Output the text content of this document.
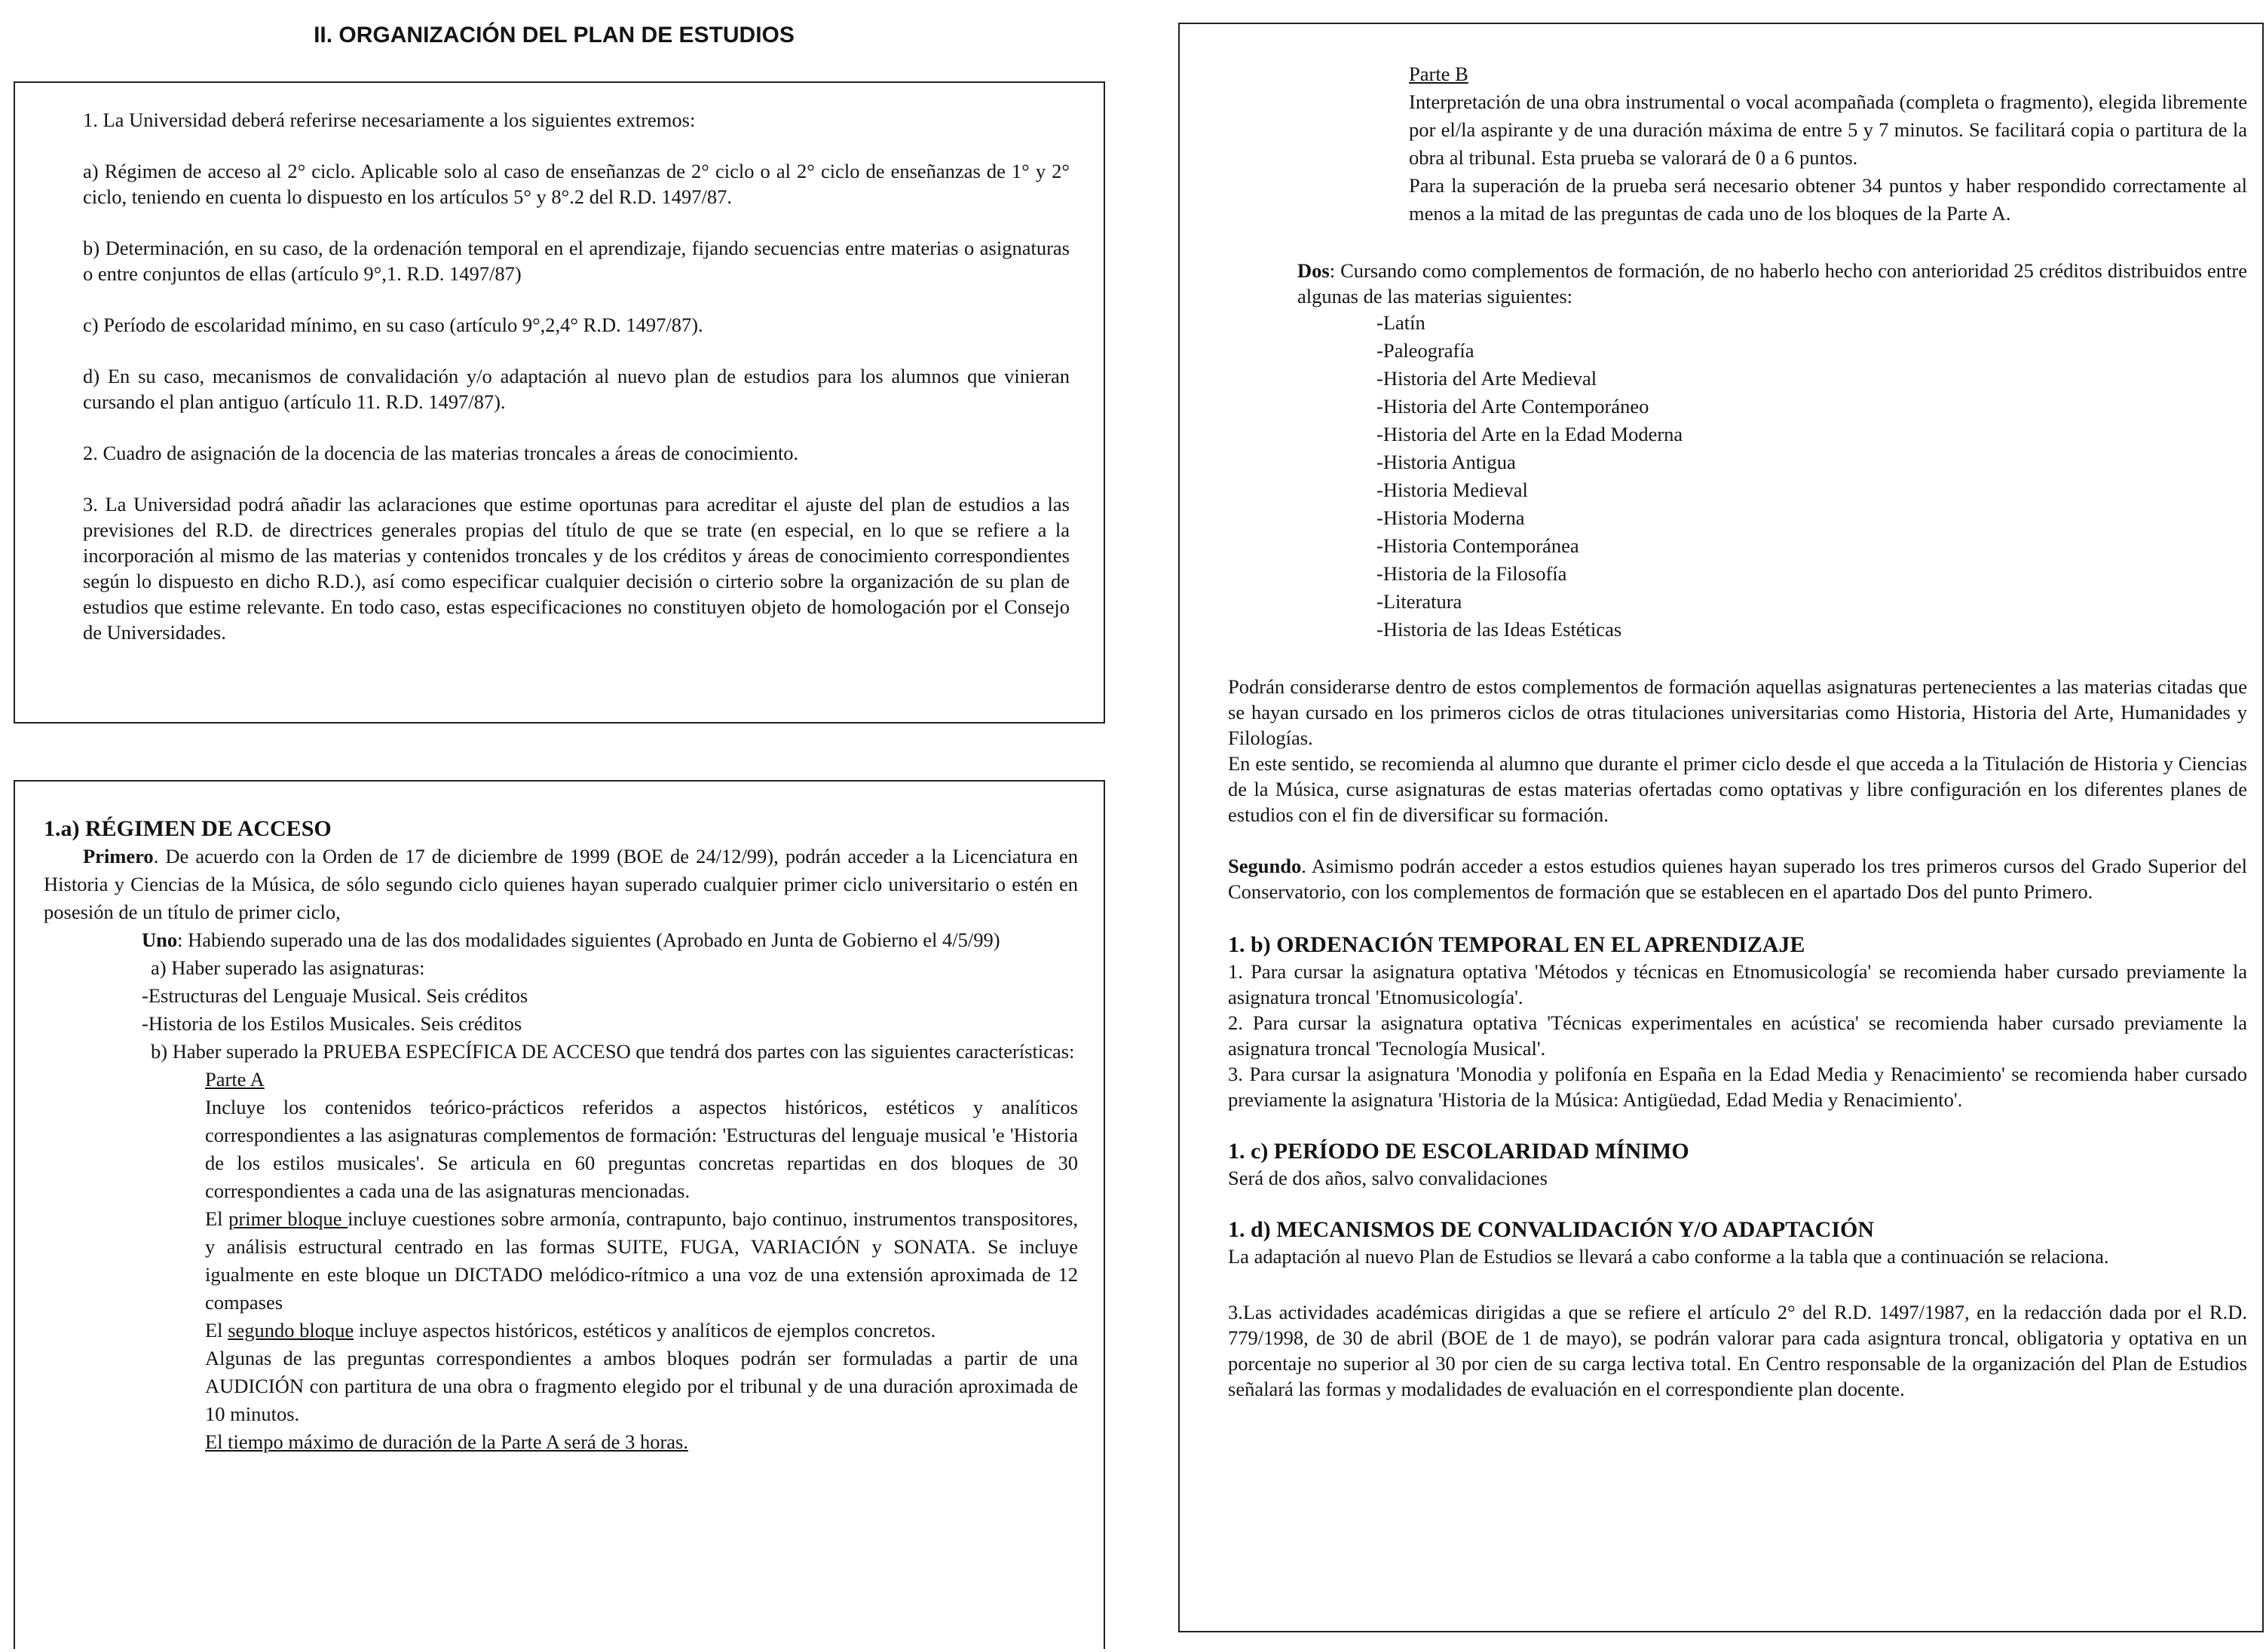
II. ORGANIZACIÓN DEL PLAN DE ESTUDIOS

1. La Universidad deberá referirse necesariamente a los siguientes extremos:

a) Régimen de acceso al 2° ciclo. Aplicable solo al caso de enseñanzas de 2° ciclo o al 2° ciclo de enseñanzas de 1° y 2° ciclo, teniendo en cuenta lo dispuesto en los artículos 5° y 8°.2 del R.D. 1497/87.

b) Determinación, en su caso, de la ordenación temporal en el aprendizaje, fijando secuencias entre materias o asignaturas o entre conjuntos de ellas (artículo 9°,1. R.D. 1497/87)

c) Período de escolaridad mínimo, en su caso (artículo 9°,2,4° R.D. 1497/87).

d) En su caso, mecanismos de convalidación y/o adaptación al nuevo plan de estudios para los alumnos que vinieran cursando el plan antiguo (artículo 11. R.D. 1497/87).

2. Cuadro de asignación de la docencia de las materias troncales a áreas de conocimiento.

3. La Universidad podrá añadir las aclaraciones que estime oportunas para acreditar el ajuste del plan de estudios a las previsiones del R.D. de directrices generales propias del título de que se trate (en especial, en lo que se refiere a la incorporación al mismo de las materias y contenidos troncales y de los créditos y áreas de conocimiento correspondientes según lo dispuesto en dicho R.D.), así como especificar cualquier decisión o cirterio sobre la organización de su plan de estudios que estime relevante. En todo caso, estas especificaciones no constituyen objeto de homologación por el Consejo de Universidades.

1.a) RÉGIMEN DE ACCESO

Primero. De acuerdo con la Orden de 17 de diciembre de 1999 (BOE de 24/12/99), podrán acceder a la Licenciatura en Historia y Ciencias de la Música, de sólo segundo ciclo quienes hayan superado cualquier primer ciclo universitario o estén en posesión de un título de primer ciclo,

Uno: Habiendo superado una de las dos modalidades siguientes (Aprobado en Junta de Gobierno el 4/5/99)

a) Haber superado las asignaturas:

-Estructuras del Lenguaje Musical. Seis créditos

-Historia de los Estilos Musicales. Seis créditos

b) Haber superado la PRUEBA ESPECÍFICA DE ACCESO que tendrá dos partes con las siguientes características:

Parte A

Incluye los contenidos teórico-prácticos referidos a aspectos históricos, estéticos y analíticos correspondientes a las asignaturas complementos de formación: 'Estructuras del lenguaje musical 'e 'Historia de los estilos musicales'. Se articula en 60 preguntas concretas repartidas en dos bloques de 30 correspondientes a cada una de las asignaturas mencionadas.

El primer bloque incluye cuestiones sobre armonía, contrapunto, bajo continuo, instrumentos transpositores, y análisis estructural centrado en las formas SUITE, FUGA, VARIACIÓN y SONATA. Se incluye igualmente en este bloque un DICTADO melódico-rítmico a una voz de una extensión aproximada de 12 compases

El segundo bloque incluye aspectos históricos, estéticos y analíticos de ejemplos concretos.

Algunas de las preguntas correspondientes a ambos bloques podrán ser formuladas a partir de una AUDICIÓN con partitura de una obra o fragmento elegido por el tribunal y de una duración aproximada de 10 minutos.

El tiempo máximo de duración de la Parte A será de 3 horas.

Parte B

Interpretación de una obra instrumental o vocal acompañada (completa o fragmento), elegida libremente por el/la aspirante y de una duración máxima de entre 5 y 7 minutos. Se facilitará copia o partitura de la obra al tribunal. Esta prueba se valorará de 0 a 6 puntos.

Para la superación de la prueba será necesario obtener 34 puntos y haber respondido correctamente al menos a la mitad de las preguntas de cada uno de los bloques de la Parte A.

Dos: Cursando como complementos de formación, de no haberlo hecho con anterioridad 25 créditos distribuidos entre algunas de las materias siguientes:

-Latín
-Paleografía
-Historia del Arte Medieval
-Historia del Arte Contemporáneo
-Historia del Arte en la Edad Moderna
-Historia Antigua
-Historia Medieval
-Historia Moderna
-Historia Contemporánea
-Historia de la Filosofía
-Literatura
-Historia de las Ideas Estéticas

Podrán considerarse dentro de estos complementos de formación aquellas asignaturas pertenecientes a las materias citadas que se hayan cursado en los primeros ciclos de otras titulaciones universitarias como Historia, Historia del Arte, Humanidades y Filologías.

En este sentido, se recomienda al alumno que durante el primer ciclo desde el que acceda a la Titulación de Historia y Ciencias de la Música, curse asignaturas de estas materias ofertadas como optativas y libre configuración en los diferentes planes de estudios con el fin de diversificar su formación.

Segundo. Asimismo podrán acceder a estos estudios quienes hayan superado los tres primeros cursos del Grado Superior del Conservatorio, con los complementos de formación que se establecen en el apartado Dos del punto Primero.

1. b) ORDENACIÓN TEMPORAL EN EL APRENDIZAJE

1. Para cursar la asignatura optativa 'Métodos y técnicas en Etnomusicología' se recomienda haber cursado previamente la asignatura troncal 'Etnomusicología'.

2. Para cursar la asignatura optativa 'Técnicas experimentales en acústica' se recomienda haber cursado previamente la asignatura troncal 'Tecnología Musical'.

3. Para cursar la asignatura 'Monodia y polifonía en España en la Edad Media y Renacimiento' se recomienda haber cursado previamente la asignatura 'Historia de la Música: Antigüedad, Edad Media y Renacimiento'.

1. c) PERÍODO DE ESCOLARIDAD MÍNIMO

Será de dos años, salvo convalidaciones

1. d) MECANISMOS DE CONVALIDACIÓN Y/O ADAPTACIÓN

La adaptación al nuevo Plan de Estudios se llevará a cabo conforme a la tabla que a continuación se relaciona.

3.Las actividades académicas dirigidas a que se refiere el artículo 2° del R.D. 1497/1987, en la redacción dada por el R.D. 779/1998, de 30 de abril (BOE de 1 de mayo), se podrán valorar para cada asigntura troncal, obligatoria y optativa en un porcentaje no superior al 30 por cien de su carga lectiva total. En Centro responsable de la organización del Plan de Estudios señalará las formas y modalidades de evaluación en el correspondiente plan docente.
